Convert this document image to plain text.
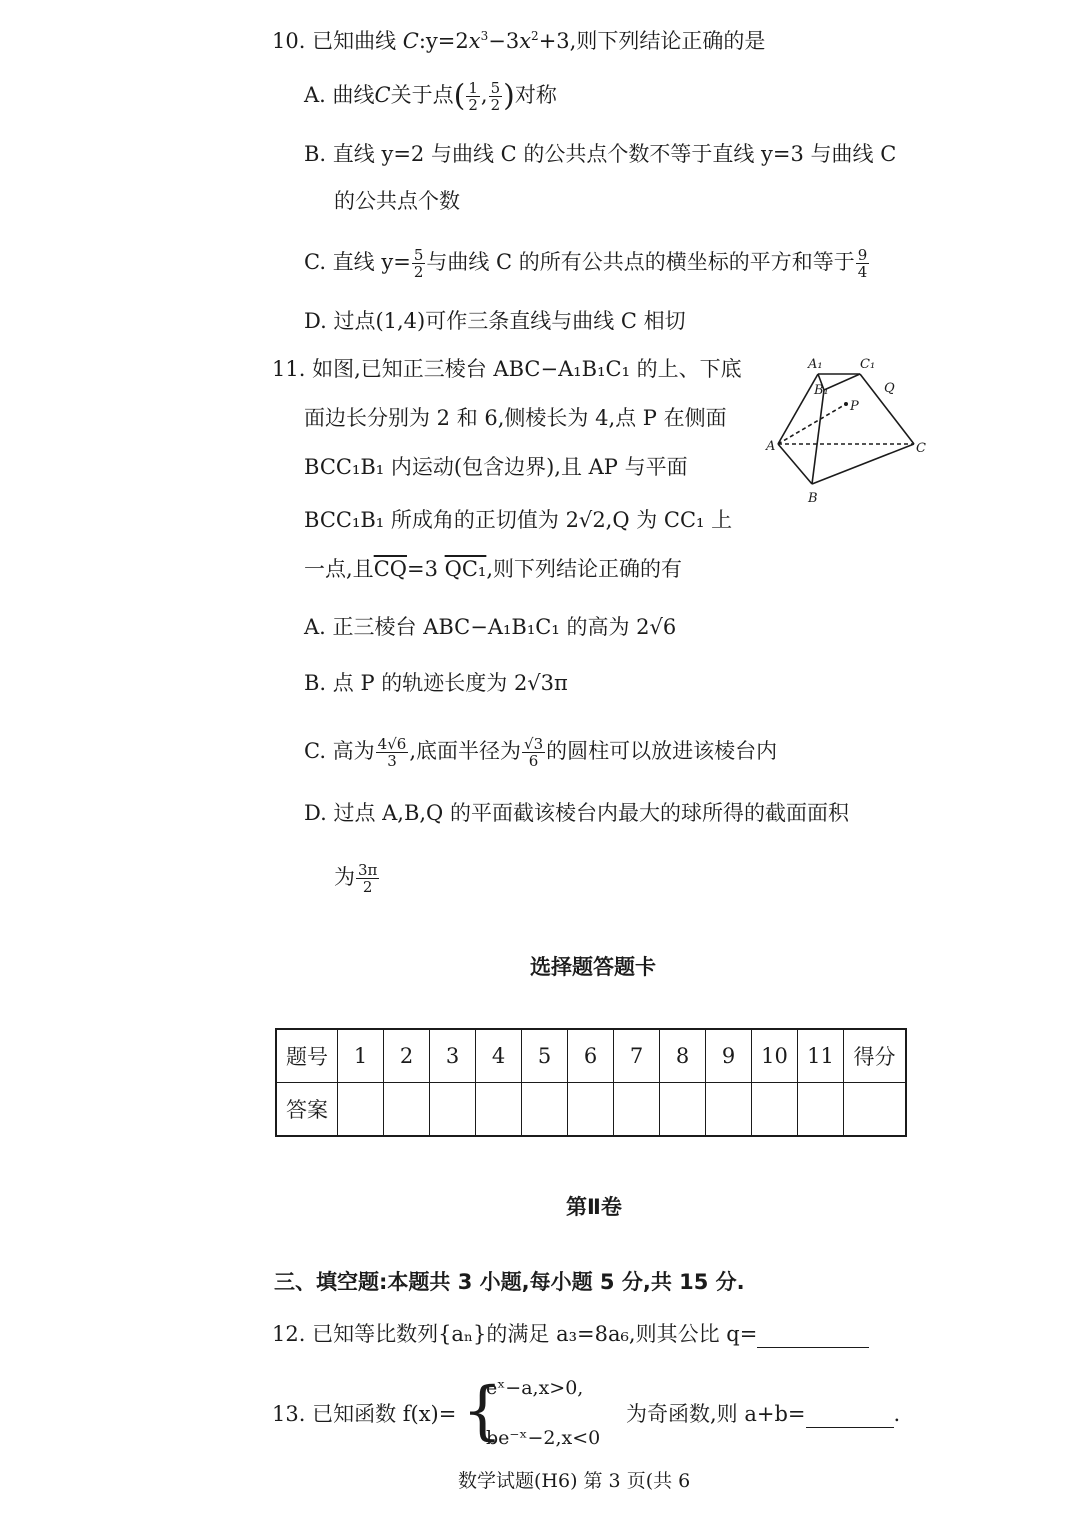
10. 已知曲线 $C:y=2x^3-3x^2+3$,则下列结论正确的是
A. 曲线C关于点( $\frac{1}{2}$ , $\frac{5}{2}$ )对称
B. 直线 y=2 与曲线 C 的公共点个数不等于直线 y=3 与曲线 C
的公共点个数
C. 直线 $y= \frac{5}{2}$ 与曲线 C 的所有公共点的横坐标的平方和等于 $\frac{9}{4}$
D. 过点(1,4)可作三条直线与曲线 C 相切
11. 如图,已知正三棱台 ABC−A₁B₁C₁ 的上、下底
面边长分别为 2 和 6,侧棱长为 4,点 P 在侧面
BCC₁B₁ 内运动(包含边界),且 AP 与平面
BCC₁B₁ 所成角的正切值为 2√2,Q 为 CC₁ 上
一点,且$\overline{CQ}=3$ QC₁,则下列结论正确的有
A₁	C₁
B₁	Q
P
A	C
B
A. 正三棱台 ABC−A₁B₁C₁ 的高为 2√6
B. 点 P 的轨迹长度为 2√3π
C. 高为 $\frac{4√6}{3}$ ,底面半径为 $\frac{√3}{6}$ 的圆柱可以放进该棱台内
D. 过点 A,B,Q 的平面截该棱台内最大的球所得的截面面积
为 $\frac{3\pi}{2}$
选择题答题卡
题号	1	2	3	4	5	6	7	8	9	10	11	得分
答案												
第Ⅱ卷
三、填空题:本题共 3 小题,每小题 5 分,共 15 分.
12. 已知等比数列{aₙ}的满足 a₃=8a₆,则其公比 q=
13. 已知函数 f(x)= {
eˣ−a,x>0,
be⁻ˣ−2,x<0
为奇函数,则 a+b=	.
数学试题(H6) 第 3 页(共 6
